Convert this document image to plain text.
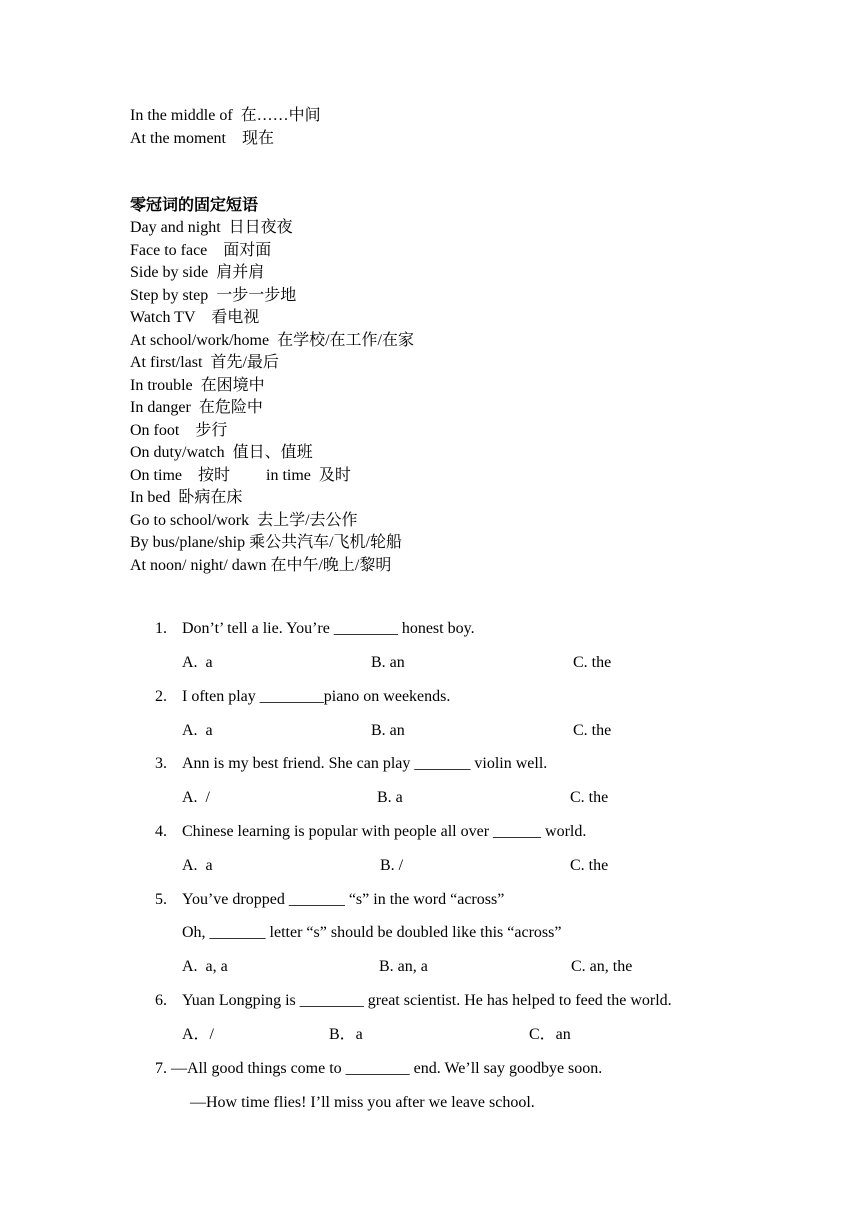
In the middle of  在……中间
At the moment    现在
零冠词的固定短语
Day and night  日日夜夜
Face to face    面对面
Side by side  肩并肩
Step by step  一步一步地
Watch TV    看电视
At school/work/home  在学校/在工作/在家
At first/last  首先/最后
In trouble  在困境中
In danger  在危险中
On foot    步行
On duty/watch  值日、值班
On time    按时         in time  及时
In bed  卧病在床
Go to school/work  去上学/去公作
By bus/plane/ship 乘公共汽车/飞机/轮船
At noon/ night/ dawn 在中午/晚上/黎明
1. Don’t’ tell a lie. You’re ________ honest boy.
A.  a	B. an	C. the
2. I often play ________piano on weekends.
A.  a	B. an	C. the
3. Ann is my best friend. She can play _______ violin well.
A.  /	B. a	C. the
4. Chinese learning is popular with people all over ______ world.
A.  a	B. /	C. the
5. You’ve dropped _______ “s” in the word “across”
Oh, _______ letter “s” should be doubled like this “across”
A.  a, a	B. an, a	C. an, the
6. Yuan Longping is ________ great scientist. He has helped to feed the world.
A．/	B．a	C．an
7. —All good things come to ________ end. We’ll say goodbye soon.
—How time flies! I’ll miss you after we leave school.
